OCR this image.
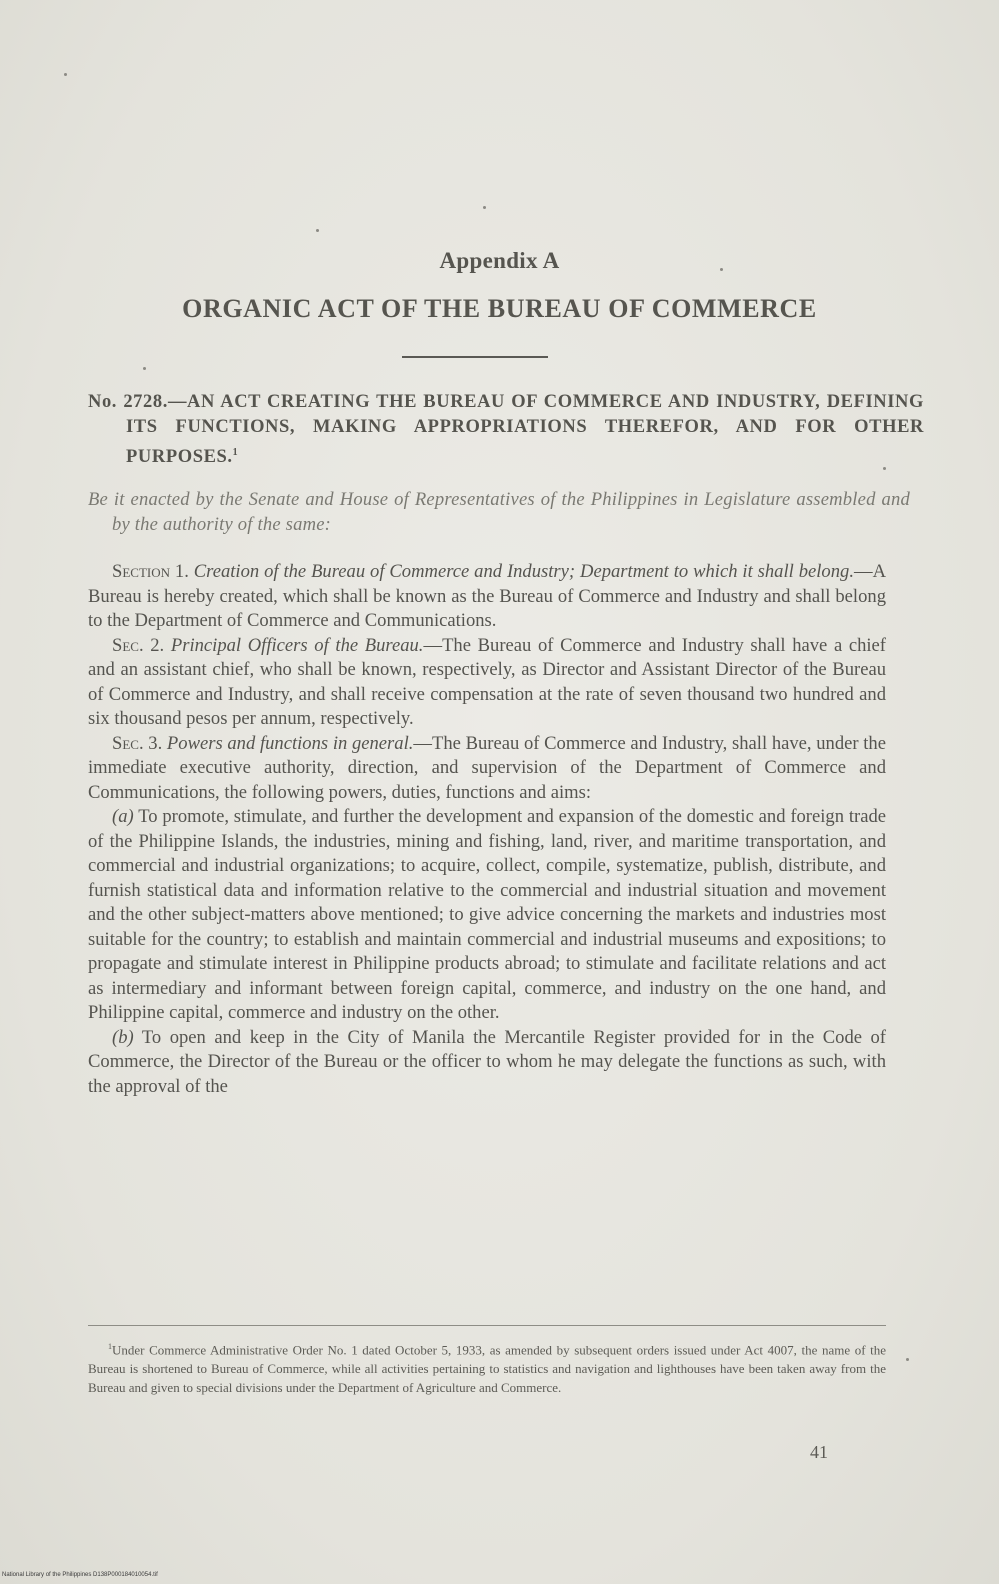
Appendix A
ORGANIC ACT OF THE BUREAU OF COMMERCE
No. 2728.—AN ACT CREATING THE BUREAU OF COMMERCE AND INDUSTRY, DEFINING ITS FUNCTIONS, MAKING APPROPRIATIONS THEREFOR, AND FOR OTHER PURPOSES.$^1$
Be it enacted by the Senate and House of Representatives of the Philippines in Legislature assembled and by the authority of the same:

Section 1. Creation of the Bureau of Commerce and Industry; Department to which it shall belong.—A Bureau is hereby created, which shall be known as the Bureau of Commerce and Industry and shall belong to the Department of Commerce and Communications.

Sec. 2. Principal Officers of the Bureau.—The Bureau of Commerce and Industry shall have a chief and an assistant chief, who shall be known, respectively, as Director and Assistant Director of the Bureau of Commerce and Industry, and shall receive compensation at the rate of seven thousand two hundred and six thousand pesos per annum, respectively.

Sec. 3. Powers and functions in general.—The Bureau of Commerce and Industry, shall have, under the immediate executive authority, direction, and supervision of the Department of Commerce and Communications, the following powers, duties, functions and aims:

(a) To promote, stimulate, and further the development and expansion of the domestic and foreign trade of the Philippine Islands, the industries, mining and fishing, land, river, and maritime transportation, and commercial and industrial organizations; to acquire, collect, compile, systematize, publish, distribute, and furnish statistical data and information relative to the commercial and industrial situation and movement and the other subject-matters above mentioned; to give advice concerning the markets and industries most suitable for the country; to establish and maintain commercial and industrial museums and expositions; to propagate and stimulate interest in Philippine products abroad; to stimulate and facilitate relations and act as intermediary and informant between foreign capital, commerce, and industry on the one hand, and Philippine capital, commerce and industry on the other.

(b) To open and keep in the City of Manila the Mercantile Register provided for in the Code of Commerce, the Director of the Bureau or the officer to whom he may delegate the functions as such, with the approval of the

$^1$Under Commerce Administrative Order No. 1 dated October 5, 1933, as amended by subsequent orders issued under Act 4007, the name of the Bureau is shortened to Bureau of Commerce, while all activities pertaining to statistics and navigation and lighthouses have been taken away from the Bureau and given to special divisions under the Department of Agriculture and Commerce.
41
National Library of the Philippines D138P000184010054.tif
